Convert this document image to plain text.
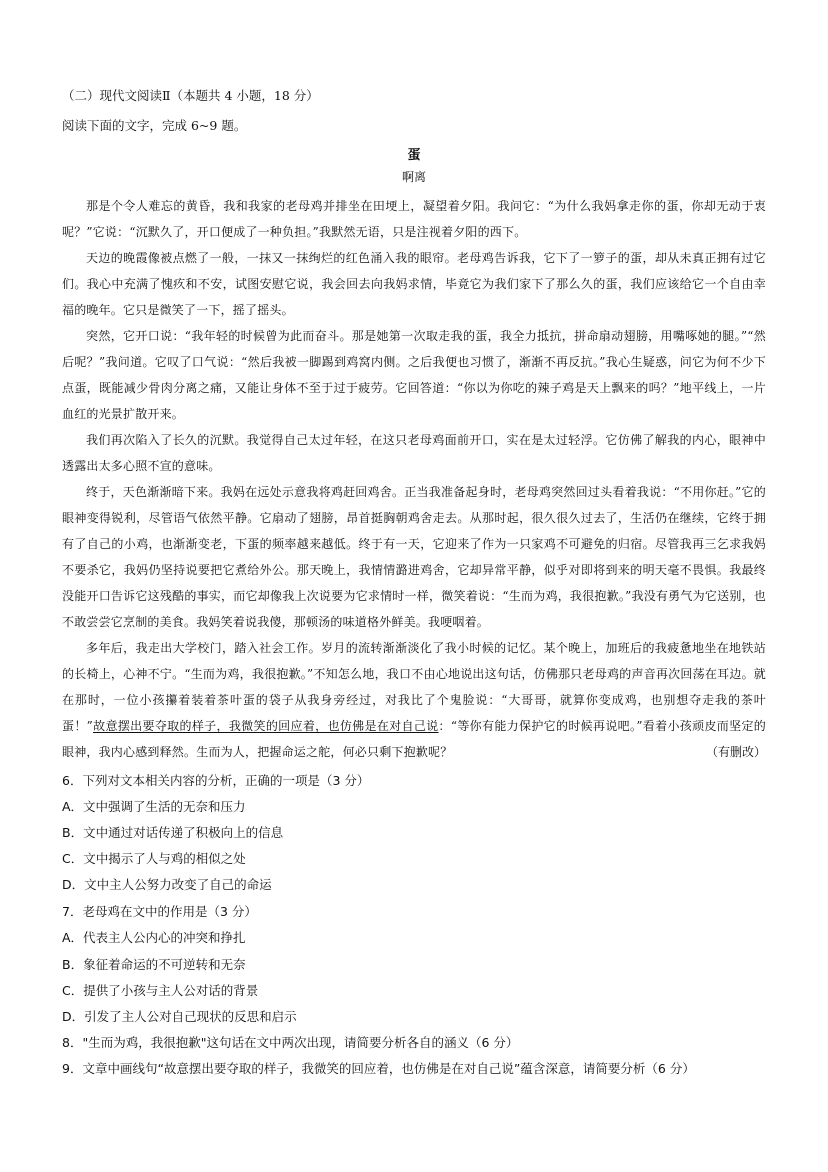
（二）现代文阅读Ⅱ（本题共 4 小题，18 分）
阅读下面的文字，完成 6~9 题。
蛋
啊离

那是个令人难忘的黄昏，我和我家的老母鸡并排坐在田埂上，凝望着夕阳。我问它：“为什么我妈拿走你的蛋，你却无动于衷呢？”它说：“沉默久了，开口便成了一种负担。”我默然无语，只是注视着夕阳的西下。

天边的晚霞像被点燃了一般，一抹又一抹绚烂的红色涌入我的眼帘。老母鸡告诉我，它下了一箩子的蛋，却从未真正拥有过它们。我心中充满了愧疚和不安，试图安慰它说，我会回去向我妈求情，毕竟它为我们家下了那么久的蛋，我们应该给它一个自由幸福的晚年。它只是微笑了一下，摇了摇头。

突然，它开口说：“我年轻的时候曾为此而奋斗。那是她第一次取走我的蛋，我全力抵抗，拼命扇动翅膀，用嘴啄她的腿。”“然后呢？”我问道。它叹了口气说：“然后我被一脚踢到鸡窝内侧。之后我便也习惯了，渐渐不再反抗。”我心生疑惑，问它为何不少下点蛋，既能减少骨肉分离之痛，又能让身体不至于过于疲劳。它回答道：“你以为你吃的辣子鸡是天上飘来的吗？”地平线上，一片血红的光景扩散开来。

我们再次陷入了长久的沉默。我觉得自己太过年轻，在这只老母鸡面前开口，实在是太过轻浮。它仿佛了解我的内心，眼神中透露出太多心照不宣的意味。

终于，天色渐渐暗下来。我妈在远处示意我将鸡赶回鸡舍。正当我准备起身时，老母鸡突然回过头看着我说：“不用你赶。”它的眼神变得锐利，尽管语气依然平静。它扇动了翅膀，昂首挺胸朝鸡舍走去。从那时起，很久很久过去了，生活仍在继续，它终于拥有了自己的小鸡，也渐渐变老，下蛋的频率越来越低。终于有一天，它迎来了作为一只家鸡不可避免的归宿。尽管我再三乞求我妈不要杀它，我妈仍坚持说要把它煮给外公。那天晚上，我情情潞进鸡舍，它却异常平静，似乎对即将到来的明天毫不畏惧。我最终没能开口告诉它这残酷的事实，而它却像我上次说要为它求情时一样，微笑着说：“生而为鸡，我很抱歉。”我没有勇气为它送别，也不敢尝尝它烹制的美食。我妈笑着说我傻，那顿汤的味道格外鲜美。我哽咽着。

多年后，我走出大学校门，踏入社会工作。岁月的流转渐渐淡化了我小时候的记忆。某个晚上，加班后的我疲惫地坐在地铁站的长椅上，心神不宁。“生而为鸡，我很抱歉。”不知怎么地，我口不由心地说出这句话，仿佛那只老母鸡的声音再次回荡在耳边。就在那时，一位小孩攥着装着茶叶蛋的袋子从我身旁经过，对我比了个鬼脸说：“大哥哥，就算你变成鸡，也别想夺走我的茶叶蛋！”故意摆出要夺取的样子，我微笑的回应着，也仿佛是在对自己说：“等你有能力保护它的时候再说吧。”看着小孩顽皮而坚定的眼神，我内心感到释然。生而为人，把握命运之舵，何必只剩下抱歉呢？	（有删改）
6．下列对文本相关内容的分析，正确的一项是（3 分）
A．文中强调了生活的无奈和压力
B．文中通过对话传递了积极向上的信息
C．文中揭示了人与鸡的相似之处
D．文中主人公努力改变了自己的命运
7．老母鸡在文中的作用是（3 分）
A．代表主人公内心的冲突和挣扎
B．象征着命运的不可逆转和无奈
C．提供了小孩与主人公对话的背景
D．引发了主人公对自己现状的反思和启示
8．"生而为鸡，我很抱歉"这句话在文中两次出现，请简要分析各自的涵义（6 分）
9．文章中画线句“故意摆出要夺取的样子，我微笑的回应着，也仿佛是在对自己说”蕴含深意，请简要分析（6 分）
